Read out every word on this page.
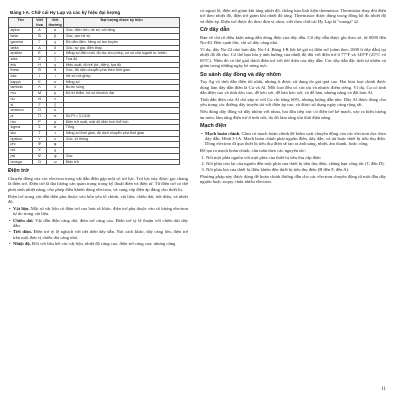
Bảng I-A. Chữ cái Hy Lạp và các ký hiệu đại lượng
Tên	Viết hoa	Viết thường	Đại lượng được ký hiệu
alpha	A	α	Góc, điện tích, hệ số, và hằng
beta	B	β	Góc, các hệ số
gamma	Γ	γ	Độ dẫn điện, hằng số lan truyền
delta	Δ	δ	Góc, sự gia, điện thay.
epsilon	E	ε	Hằng số điện môi, độ tác cho phép, cơ số của logarit tự nhiên
zeta	Z	ζ	Tọa độ
eta	H	η	Hiệu suất, độ trễ (từ, điện), tọa độ
theta	Θ	θ	Góc, độ dịch chuyển pha theo thời gian
iota	I	ι	Hệ số nội ghép
kappa	K	κ	Hằng số
lambda	Λ	λ	Bước sóng
mu	M	μ	Độ từ thẩm, hệ số khuếch đại
nu	N	ν	
xi	Ξ	ξ	
omicron	O	ο	
pi	Π	π	Số Pi = 3,1416
rho	P	ρ	Điện trở suất, mật độ điện tích thể tích
sigma	Σ	σ	Tổng
tau	T	τ	Hằng số thời gian, độ dịch chuyển pha thời gian
upsilon	Y	υ	Góc, từ thông
phi	Φ	φ	
chi	X	χ	
psi	Ψ	ψ	Góc
omega	Ω	ω	Điện trở
Điện trở

Chuyển động của các electron trong vật dẫn điện gặp một số trở lực. Trở lực này được gọi chung là điện trở. Điện trở là đại lượng cản quan trọng trong kỹ thuật điện và điện tử. Từ điện trở có thể phát sinh nhiệt năng, cho phép điều khiển dòng electron, và cung cấp điện áp đúng cho thiết bị.

Điện trở trong vật dẫn điện phụ thuộc vào bốn yếu tố chính, vật liệu, chiều dài, tiết diện, và nhiệt độ.

• Vật liệu. Một số vật liệu có điện trở cao hơn số khác, điện trở phụ thuộc vào số lượng electron tự do trong vật liệu.
• Chiều dài. Vật dẫn điện càng dài, điện trở càng cao. Điện trở tỷ lệ thuận với chiều dài dây dẫn.
• Tiết diện. Điện trở tỷ lệ nghịch với tiết diện dây dẫn. Nói cách khác, dây càng lớn, điện trở trên một đơn vị chiều dài càng nhỏ.
• Nhiệt độ. Đối với hầu hết các vật liệu, nhiệt độ càng cao, điện trở càng cao; nhưng cũng

có ngoại lệ, điện trở giảm khi tăng nhiệt độ, chẳng hạn linh kiện thermistor. Thermistor thay đổi điện trở theo nhiệt độ, điện trở giảm khi nhiệt độ tăng. Thermistor được dùng trong đồng hồ đo nhiệt độ và điện áp. Điện trở được đo theo đơn vị ohm, viết theo chữ cái Hy Lạp là "omega" Ω.

Cỡ dây dẫn

Bản vẽ chỉ rõ điều kiện năng dẫn dòng điện của dây dẫn. Cỡ dây dẫn được ghi theo số, từ 0000 đến No-40. Bên cạnh lớn, chỉ số dây càng nhỏ.

Ví dụ, dây No-22 nhỏ hơn dây No-14. Bảng I-B liệt kê giá trị điện trở (ohm theo 1000 ft dây dẫn) tại nhiệt độ đã cho. Có thể bạn lưu ý ảnh hưởng của nhiệt độ đối với điện trở ở 77°F và 149°F (25°C và 65°C). Nhìn đó có thể giải thích điện trở với tiết diện của dây dẫn. Các dây dẫn đặc tính tự nhiên và giảm trong những ngày hè nóng nực.

So sánh dây đồng và dây nhôm

Tuy Ag có tính dẫn điện tốt nhất, nhưng ít được sử dụng do giá quá cao. Hai kim loại chính được dùng làm dây dẫn điện là Cu và Al. Mỗi loại đều có các ưu và nhược điểm riêng. Ví dụ, Cu có tính dẫn điện cao và tính dẻo cao, dễ kéo sợi, dễ hàn kéo sợi, và dễ hàn, nhưng nặng và đắt hơn Al.

Tính dẫn điện của Al chỉ xấp xỉ với Cu chỉ bằng 60%, nhưng lượng dẫn nhẹ. Dây Al được dùng cho yêu trong các đường dây truyền tải với điện áp cao, và được sử dụng ngày càng rộng rãi.

Nếu dùng dây đồng và dây nhôm với nhau, hai đầu tiếp xúc có điện trở kế mạch, xảy ra hiện tượng ăn mòn, làm tăng điện trở ở mối nối, do đó làm tăng tổn thất điện năng.

Mạch điện
• Mạch hoàn chỉnh. Gồm có mạch hoàn chỉnh để kiểm soát chuyển động của các electron dọc theo dây dẫn, Hình I-1A. Mạch hoàn chỉnh phải nguồn điện, dây dẫn, và tải hoặc thiết bị tiêu thụ điện. Dòng electron đi qua thiết bị tiêu thụ điện sẽ tạo ra ánh sáng, nhiệt, âm thanh, hoặc công.

Để tạo ra mạch hoàn chỉnh, cần tuân theo các nguyên tắc:

1. Nối một phía nguồn với một phía của thiết bị tiêu thụ cấp điện
2. Nối phía còn lại của nguồn đến một phía của thiết bị tiêu thụ điện, chẳng hạn công tắc (C đến D).
3. Nối phía kia của thiết bị điều khiển đến thiết bị tiêu thụ điện (B đến F, đến A).

Phương pháp này được dùng để hoàn chỉnh đường dẫn cho các electron chuyển động từ một đầu dây nguồn hoặc acquy chứa nhiều electron.

11
